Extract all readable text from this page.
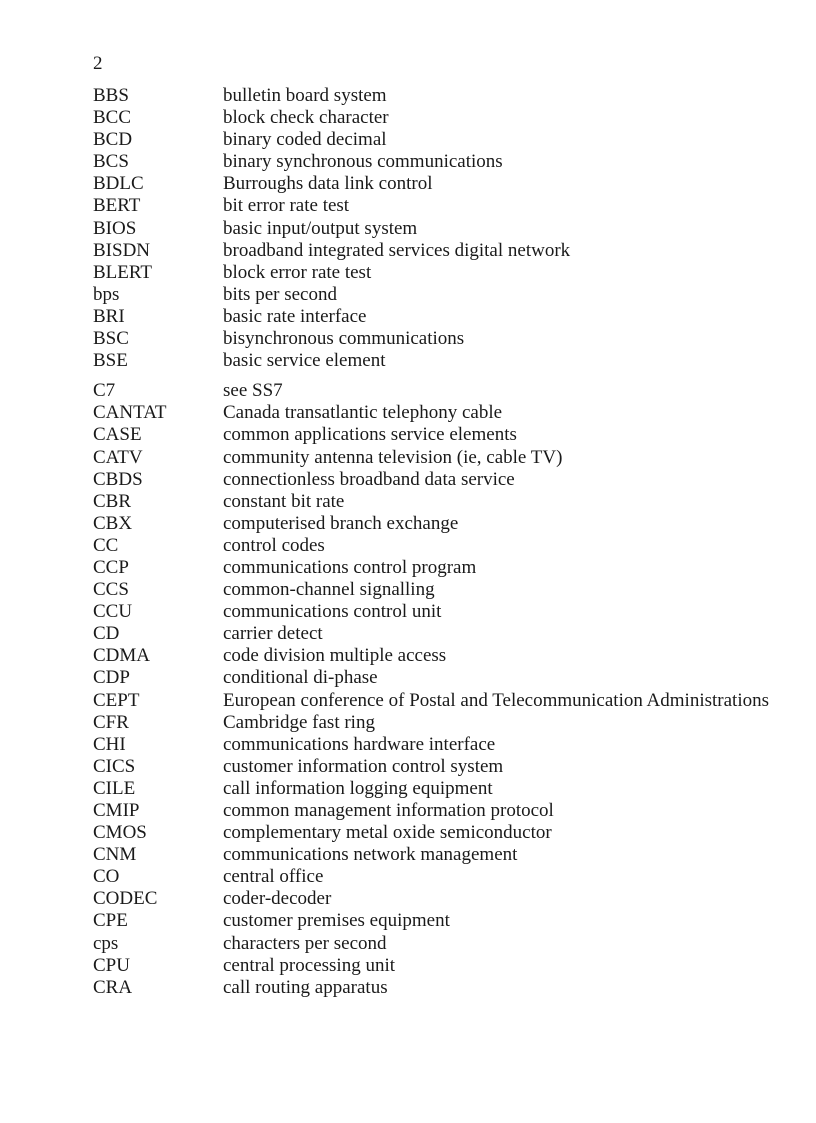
2
BBS	bulletin board system
BCC	block check character
BCD	binary coded decimal
BCS	binary synchronous communications
BDLC	Burroughs data link control
BERT	bit error rate test
BIOS	basic input/output system
BISDN	broadband integrated services digital network
BLERT	block error rate test
bps	bits per second
BRI	basic rate interface
BSC	bisynchronous communications
BSE	basic service element
C7	see SS7
CANTAT	Canada transatlantic telephony cable
CASE	common applications service elements
CATV	community antenna television (ie, cable TV)
CBDS	connectionless broadband data service
CBR	constant bit rate
CBX	computerised branch exchange
CC	control codes
CCP	communications control program
CCS	common-channel signalling
CCU	communications control unit
CD	carrier detect
CDMA	code division multiple access
CDP	conditional di-phase
CEPT	European conference of Postal and Telecommunication Administrations
CFR	Cambridge fast ring
CHI	communications hardware interface
CICS	customer information control system
CILE	call information logging equipment
CMIP	common management information protocol
CMOS	complementary metal oxide semiconductor
CNM	communications network management
CO	central office
CODEC	coder-decoder
CPE	customer premises equipment
cps	characters per second
CPU	central processing unit
CRA	call routing apparatus
